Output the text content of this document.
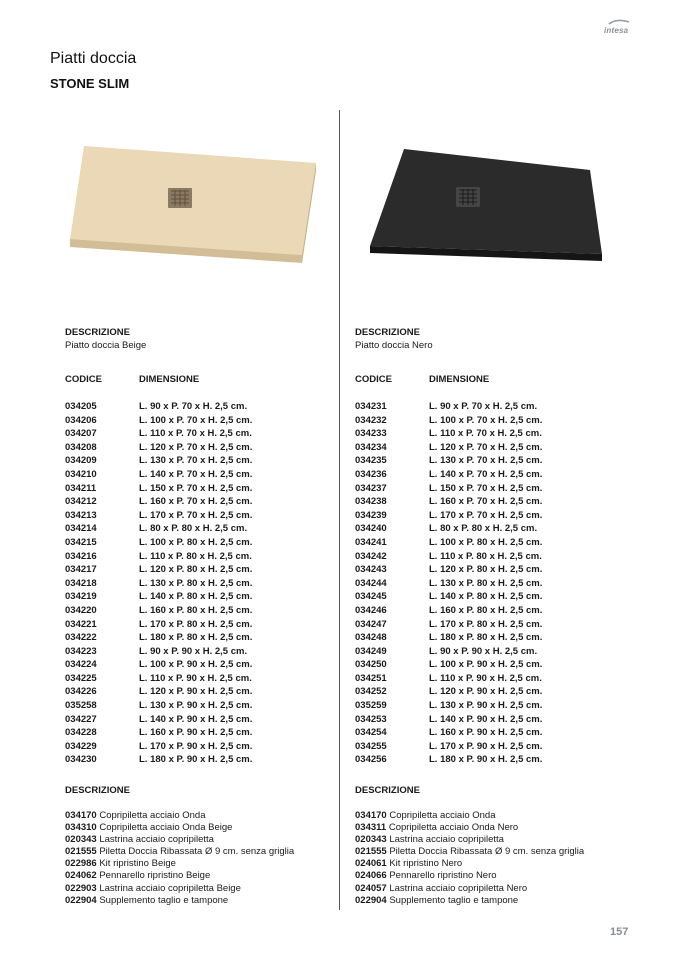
intesa
Piatti doccia
STONE SLIM
DESCRIZIONE
Piatto doccia Beige
CODICE	DIMENSIONE
034205	L. 90 x P. 70 x H. 2,5 cm.
034206	L. 100 x P. 70 x H. 2,5 cm.
034207	L. 110 x P. 70 x H. 2,5 cm.
034208	L. 120 x P. 70 x H. 2,5 cm.
034209	L. 130 x P. 70 x H. 2,5 cm.
034210	L. 140 x P. 70 x H. 2,5 cm.
034211	L. 150 x P. 70 x H. 2,5 cm.
034212	L. 160 x P. 70 x H. 2,5 cm.
034213	L. 170 x P. 70 x H. 2,5 cm.
034214	L. 80 x P. 80 x H. 2,5 cm.
034215	L. 100 x P. 80 x H. 2,5 cm.
034216	L. 110 x P. 80 x H. 2,5 cm.
034217	L. 120 x P. 80 x H. 2,5 cm.
034218	L. 130 x P. 80 x H. 2,5 cm.
034219	L. 140 x P. 80 x H. 2,5 cm.
034220	L. 160 x P. 80 x H. 2,5 cm.
034221	L. 170 x P. 80 x H. 2,5 cm.
034222	L. 180 x P. 80 x H. 2,5 cm.
034223	L. 90 x P. 90 x H. 2,5 cm.
034224	L. 100 x P. 90 x H. 2,5 cm.
034225	L. 110 x P. 90 x H. 2,5 cm.
034226	L. 120 x P. 90 x H. 2,5 cm.
035258	L. 130 x P. 90 x H. 2,5 cm.
034227	L. 140 x P. 90 x H. 2,5 cm.
034228	L. 160 x P. 90 x H. 2,5 cm.
034229	L. 170 x P. 90 x H. 2,5 cm.
034230	L. 180 x P. 90 x H. 2,5 cm.
DESCRIZIONE
034170 Copripiletta acciaio Onda
034310 Copripiletta acciaio Onda Beige
020343 Lastrina acciaio copripiletta
021555 Piletta Doccia Ribassata Ø 9 cm. senza griglia
022986 Kit ripristino Beige
024062 Pennarello ripristino Beige
022903 Lastrina acciaio copripiletta Beige
022904 Supplemento taglio e tampone
DESCRIZIONE
Piatto doccia Nero
CODICE	DIMENSIONE
034231	L. 90 x P. 70 x H. 2,5 cm.
034232	L. 100 x P. 70 x H. 2,5 cm.
034233	L. 110 x P. 70 x H. 2,5 cm.
034234	L. 120 x P. 70 x H. 2,5 cm.
034235	L. 130 x P. 70 x H. 2,5 cm.
034236	L. 140 x P. 70 x H. 2,5 cm.
034237	L. 150 x P. 70 x H. 2,5 cm.
034238	L. 160 x P. 70 x H. 2,5 cm.
034239	L. 170 x P. 70 x H. 2,5 cm.
034240	L. 80 x P. 80 x H. 2,5 cm.
034241	L. 100 x P. 80 x H. 2,5 cm.
034242	L. 110 x P. 80 x H. 2,5 cm.
034243	L. 120 x P. 80 x H. 2,5 cm.
034244	L. 130 x P. 80 x H. 2,5 cm.
034245	L. 140 x P. 80 x H. 2,5 cm.
034246	L. 160 x P. 80 x H. 2,5 cm.
034247	L. 170 x P. 80 x H. 2,5 cm.
034248	L. 180 x P. 80 x H. 2,5 cm.
034249	L. 90 x P. 90 x H. 2,5 cm.
034250	L. 100 x P. 90 x H. 2,5 cm.
034251	L. 110 x P. 90 x H. 2,5 cm.
034252	L. 120 x P. 90 x H. 2,5 cm.
035259	L. 130 x P. 90 x H. 2,5 cm.
034253	L. 140 x P. 90 x H. 2,5 cm.
034254	L. 160 x P. 90 x H. 2,5 cm.
034255	L. 170 x P. 90 x H. 2,5 cm.
034256	L. 180 x P. 90 x H. 2,5 cm.
DESCRIZIONE
034170 Copripiletta acciaio Onda
034311 Copripiletta acciaio Onda Nero
020343 Lastrina acciaio copripiletta
021555 Piletta Doccia Ribassata Ø 9 cm. senza griglia
024061 Kit ripristino Nero
024066 Pennarello ripristino Nero
024057 Lastrina acciaio copripiletta Nero
022904 Supplemento taglio e tampone
157
